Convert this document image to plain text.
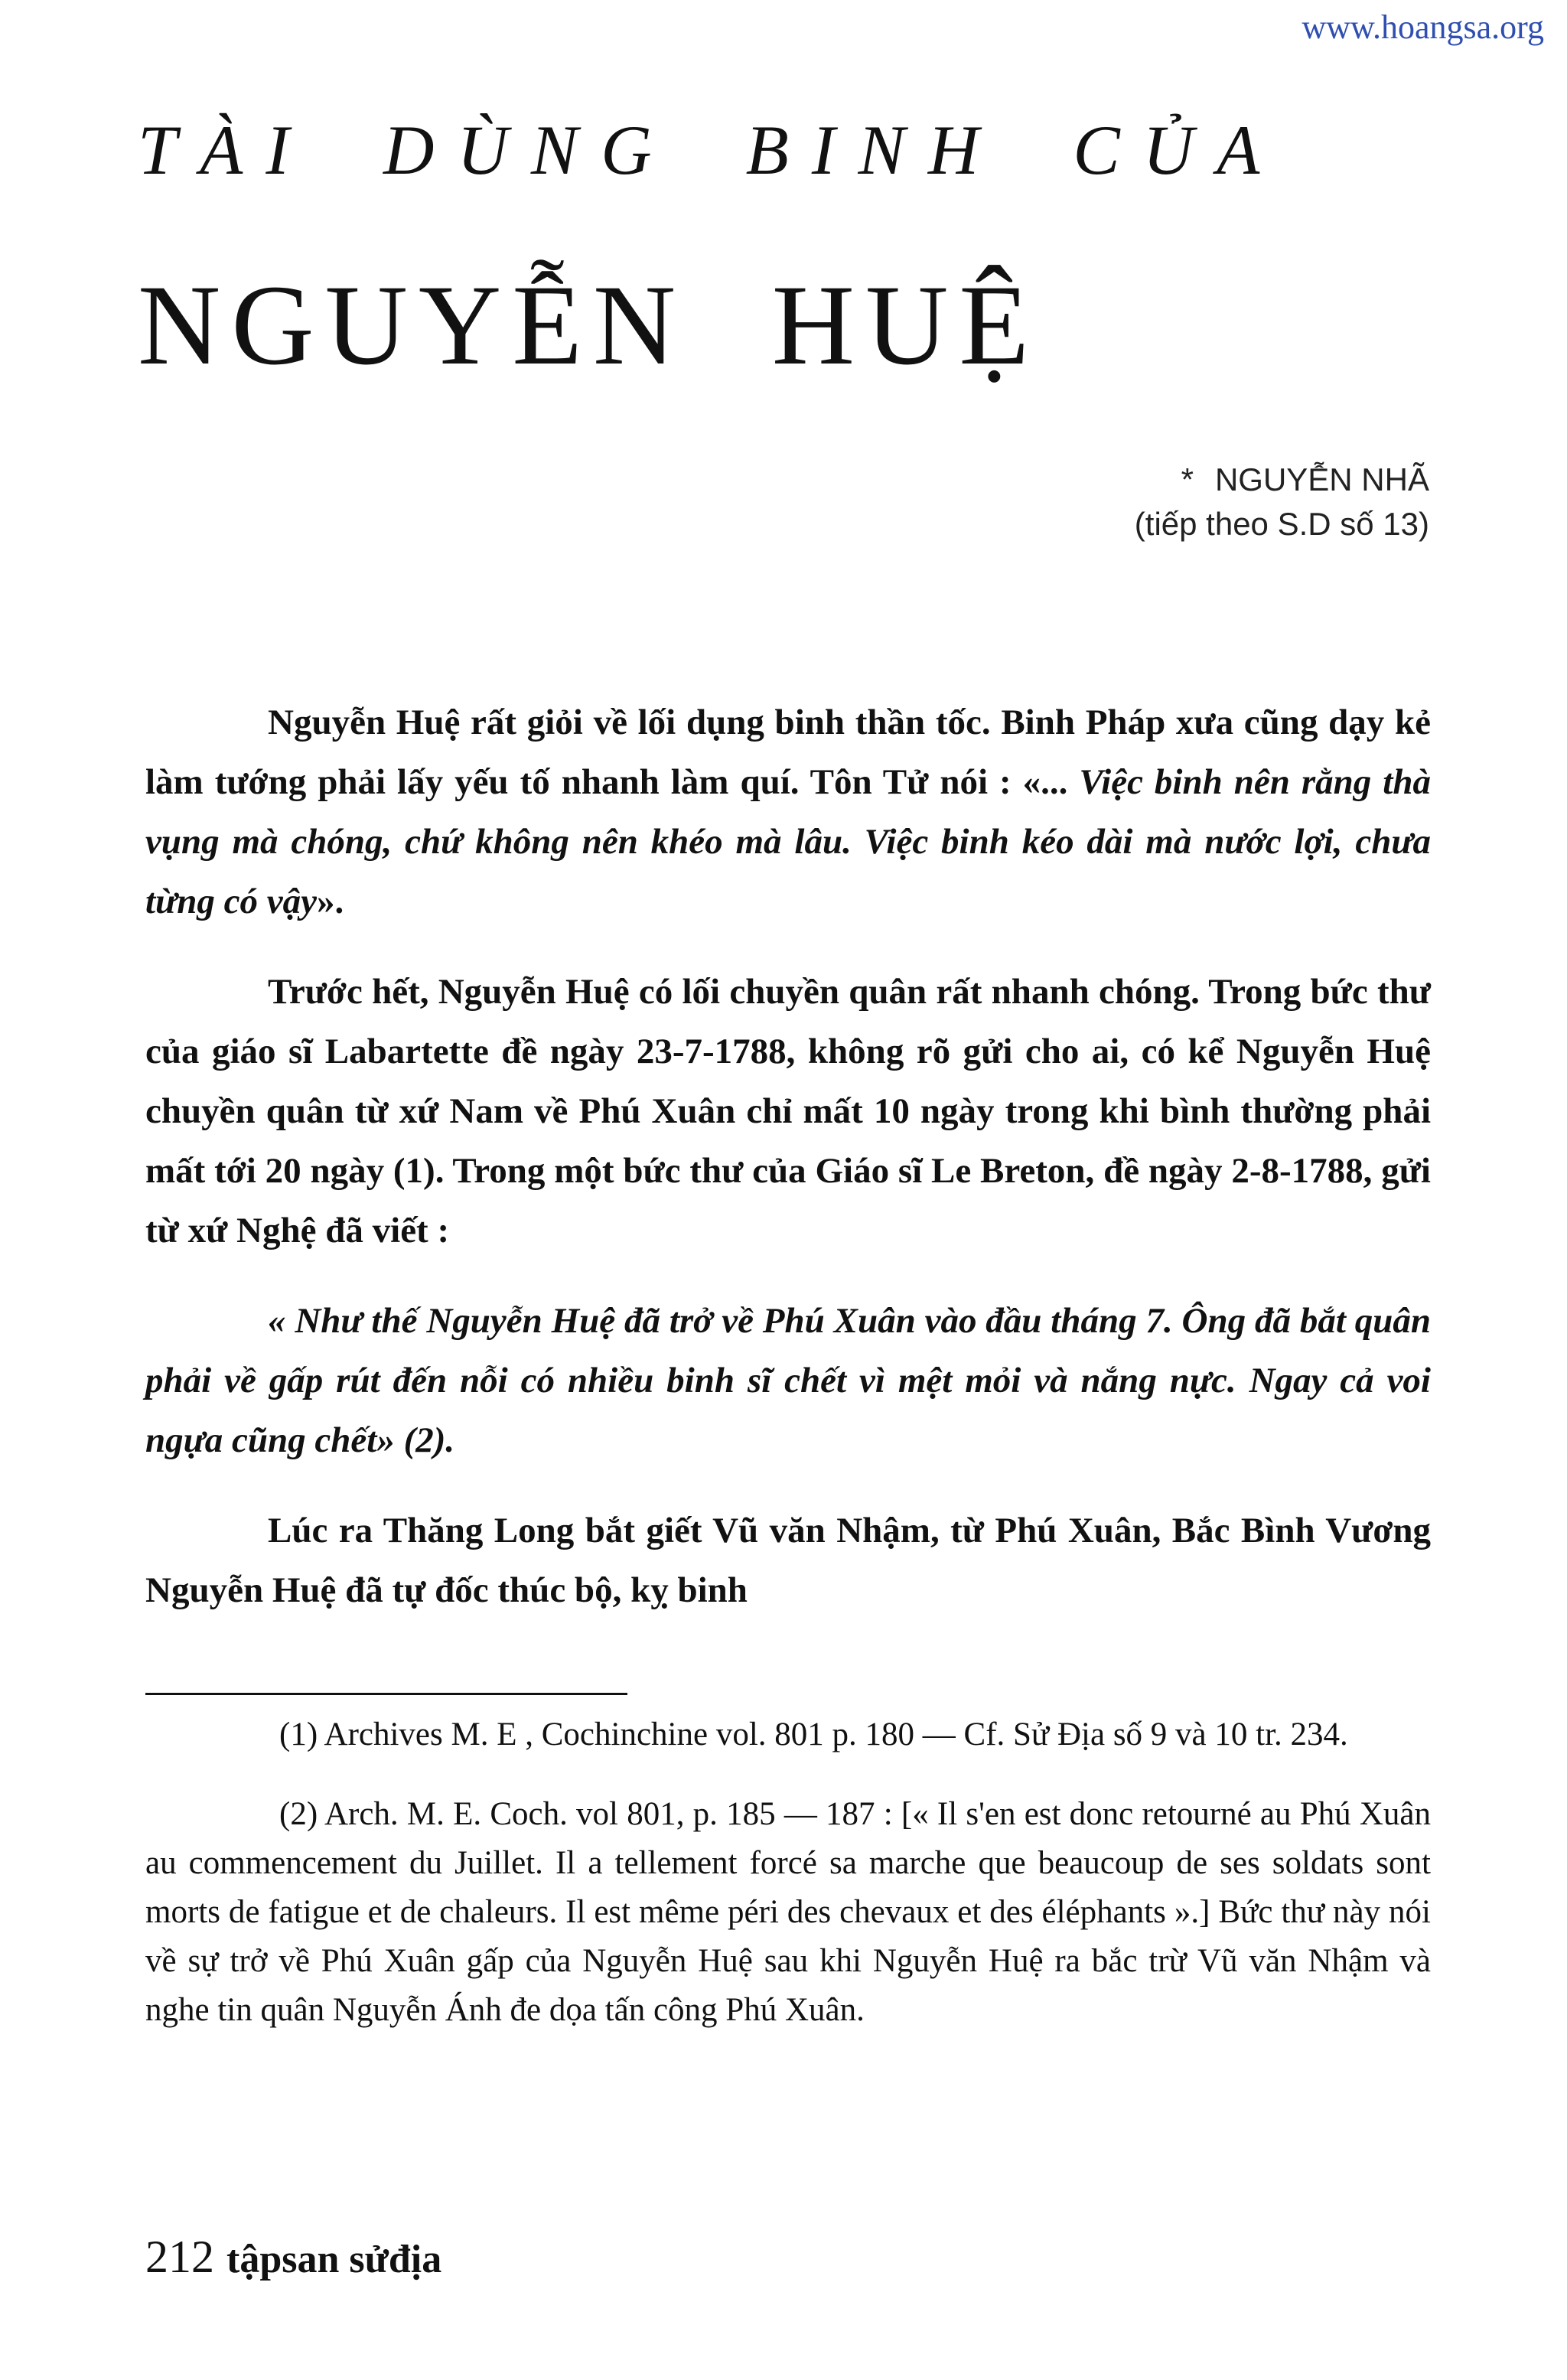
www.hoangsa.org
TÀI DÙNG BINH CỦA
NGUYỄN HUỆ
* NGUYỄN NHÃ
(tiếp theo S.D số 13)

Nguyễn Huệ rất giỏi về lối dụng binh thần tốc. Binh Pháp xưa cũng dạy kẻ làm tướng phải lấy yếu tố nhanh làm quí. Tôn Tử nói : «... Việc binh nên rằng thà vụng mà chóng, chứ không nên khéo mà lâu. Việc binh kéo dài mà nước lợi, chưa từng có vậy».

Trước hết, Nguyễn Huệ có lối chuyền quân rất nhanh chóng. Trong bức thư của giáo sĩ Labartette đề ngày 23-7-1788, không rõ gửi cho ai, có kể Nguyễn Huệ chuyền quân từ xứ Nam về Phú Xuân chỉ mất 10 ngày trong khi bình thường phải mất tới 20 ngày (1). Trong một bức thư của Giáo sĩ Le Breton, đề ngày 2-8-1788, gửi từ xứ Nghệ đã viết :

« Như thế Nguyễn Huệ đã trở về Phú Xuân vào đầu tháng 7. Ông đã bắt quân phải về gấp rút đến nỗi có nhiều binh sĩ chết vì mệt mỏi và nắng nực. Ngay cả voi ngựa cũng chết» (2).

Lúc ra Thăng Long bắt giết Vũ văn Nhậm, từ Phú Xuân, Bắc Bình Vương Nguyễn Huệ đã tự đốc thúc bộ, kỵ binh

(1) Archives M. E , Cochinchine vol. 801 p. 180 — Cf. Sử Địa số 9 và 10 tr. 234.

(2) Arch. M. E. Coch. vol 801, p. 185 — 187 : [« Il s'en est donc retourné au Phú Xuân au commencement du Juillet. Il a tellement forcé sa marche que beaucoup de ses soldats sont morts de fatigue et de chaleurs. Il est même péri des chevaux et des éléphants ».] Bức thư này nói về sự trở về Phú Xuân gấp của Nguyễn Huệ sau khi Nguyễn Huệ ra bắc trừ Vũ văn Nhậm và nghe tin quân Nguyễn Ánh đe dọa tấn công Phú Xuân.

212 tậpsan sửđịa
